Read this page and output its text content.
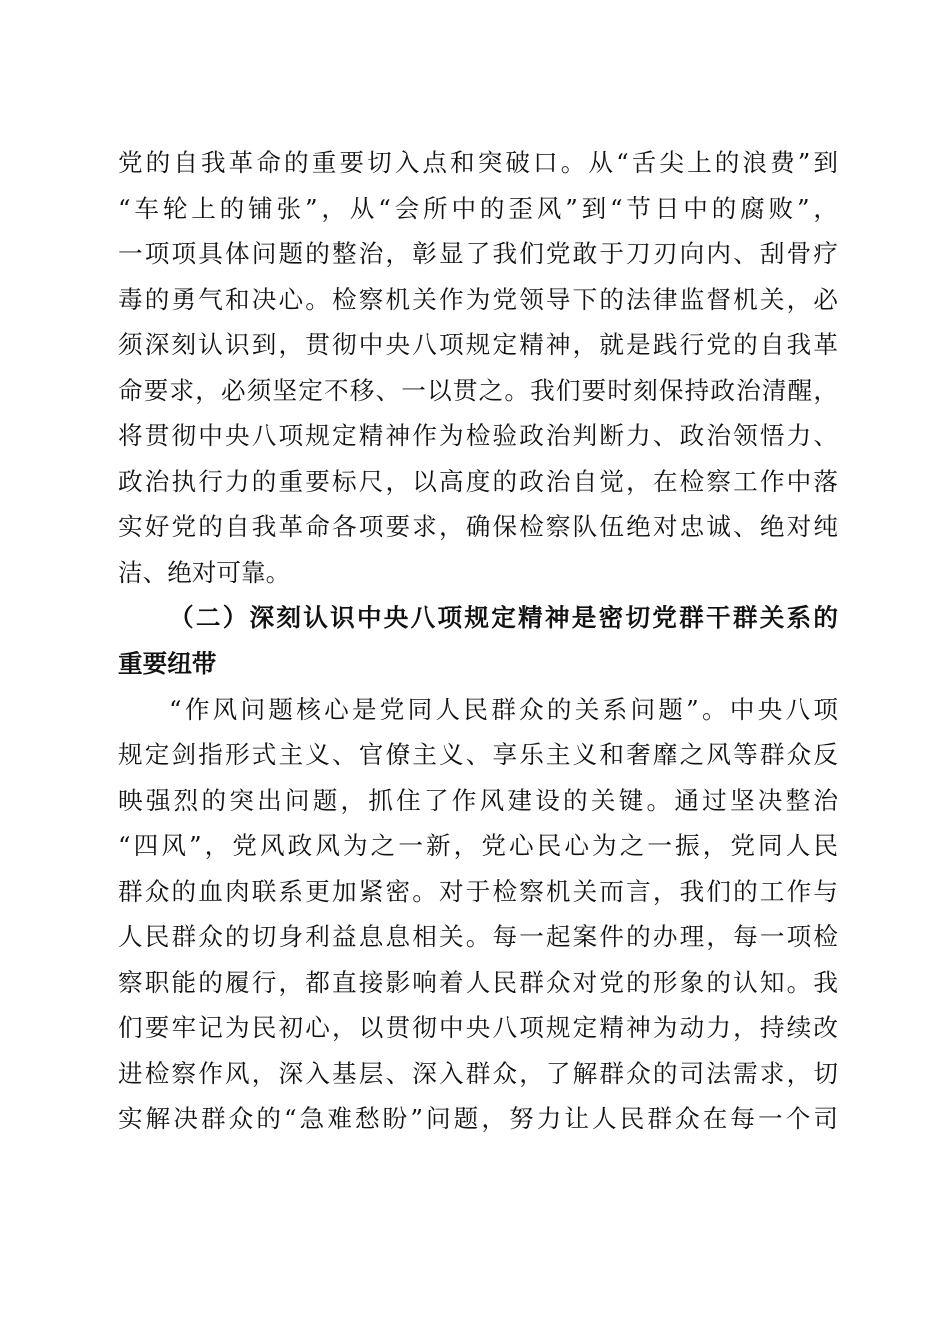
党的自我革命的重要切入点和突破口。从“舌尖上的浪费”到
“车轮上的铺张”，从“会所中的歪风”到“节日中的腐败”，
一项项具体问题的整治，彰显了我们党敢于刀刃向内、刮骨疗
毒的勇气和决心。检察机关作为党领导下的法律监督机关，必
须深刻认识到，贯彻中央八项规定精神，就是践行党的自我革
命要求，必须坚定不移、一以贯之。我们要时刻保持政治清醒，
将贯彻中央八项规定精神作为检验政治判断力、政治领悟力、
政治执行力的重要标尺，以高度的政治自觉，在检察工作中落
实好党的自我革命各项要求，确保检察队伍绝对忠诚、绝对纯
洁、绝对可靠。
（二）深刻认识中央八项规定精神是密切党群干群关系的
重要纽带
“作风问题核心是党同人民群众的关系问题”。中央八项
规定剑指形式主义、官僚主义、享乐主义和奢靡之风等群众反
映强烈的突出问题，抓住了作风建设的关键。通过坚决整治
“四风”，党风政风为之一新，党心民心为之一振，党同人民
群众的血肉联系更加紧密。对于检察机关而言，我们的工作与
人民群众的切身利益息息相关。每一起案件的办理，每一项检
察职能的履行，都直接影响着人民群众对党的形象的认知。我
们要牢记为民初心，以贯彻中央八项规定精神为动力，持续改
进检察作风，深入基层、深入群众，了解群众的司法需求，切
实解决群众的“急难愁盼”问题，努力让人民群众在每一个司
